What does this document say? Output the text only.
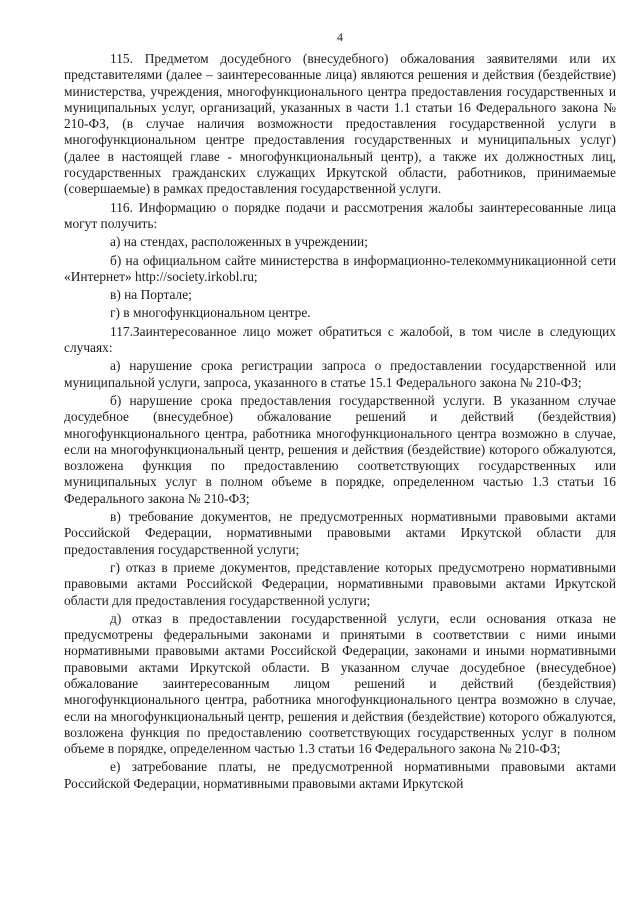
4

115. Предметом досудебного (внесудебного) обжалования заявителями или их представителями (далее – заинтересованные лица) являются решения и действия (бездействие) министерства, учреждения, многофункционального центра предоставления государственных и муниципальных услуг, организаций, указанных в части 1.1 статьи 16 Федерального закона № 210-ФЗ, (в случае наличия возможности предоставления государственной услуги в многофункциональном центре предоставления государственных и муниципальных услуг) (далее в настоящей главе - многофункциональный центр), а также их должностных лиц, государственных гражданских служащих Иркутской области, работников, принимаемые (совершаемые) в рамках предоставления государственной услуги.

116. Информацию о порядке подачи и рассмотрения жалобы заинтересованные лица могут получить:

а) на стендах, расположенных в учреждении;

б) на официальном сайте министерства в информационно-телекоммуникационной сети «Интернет» http://society.irkobl.ru;

в) на Портале;

г) в многофункциональном центре.

117.Заинтересованное лицо может обратиться с жалобой, в том числе в следующих случаях:

а) нарушение срока регистрации запроса о предоставлении государственной или муниципальной услуги, запроса, указанного в статье 15.1 Федерального закона № 210-ФЗ;

б) нарушение срока предоставления государственной услуги. В указанном случае досудебное (внесудебное) обжалование решений и действий (бездействия) многофункционального центра, работника многофункционального центра возможно в случае, если на многофункциональный центр, решения и действия (бездействие) которого обжалуются, возложена функция по предоставлению соответствующих государственных или муниципальных услуг в полном объеме в порядке, определенном частью 1.3 статьи 16 Федерального закона № 210-ФЗ;

в) требование документов, не предусмотренных нормативными правовыми актами Российской Федерации, нормативными правовыми актами Иркутской области для предоставления государственной услуги;

г) отказ в приеме документов, представление которых предусмотрено нормативными правовыми актами Российской Федерации, нормативными правовыми актами Иркутской области для предоставления государственной услуги;

д) отказ в предоставлении государственной услуги, если основания отказа не предусмотрены федеральными законами и принятыми в соответствии с ними иными нормативными правовыми актами Российской Федерации, законами и иными нормативными правовыми актами Иркутской области. В указанном случае досудебное (внесудебное) обжалование заинтересованным лицом решений и действий (бездействия) многофункционального центра, работника многофункционального центра возможно в случае, если на многофункциональный центр, решения и действия (бездействие) которого обжалуются, возложена функция по предоставлению соответствующих государственных услуг в полном объеме в порядке, определенном частью 1.3 статьи 16 Федерального закона № 210-ФЗ;

е) затребование платы, не предусмотренной нормативными правовыми актами Российской Федерации, нормативными правовыми актами Иркутской
